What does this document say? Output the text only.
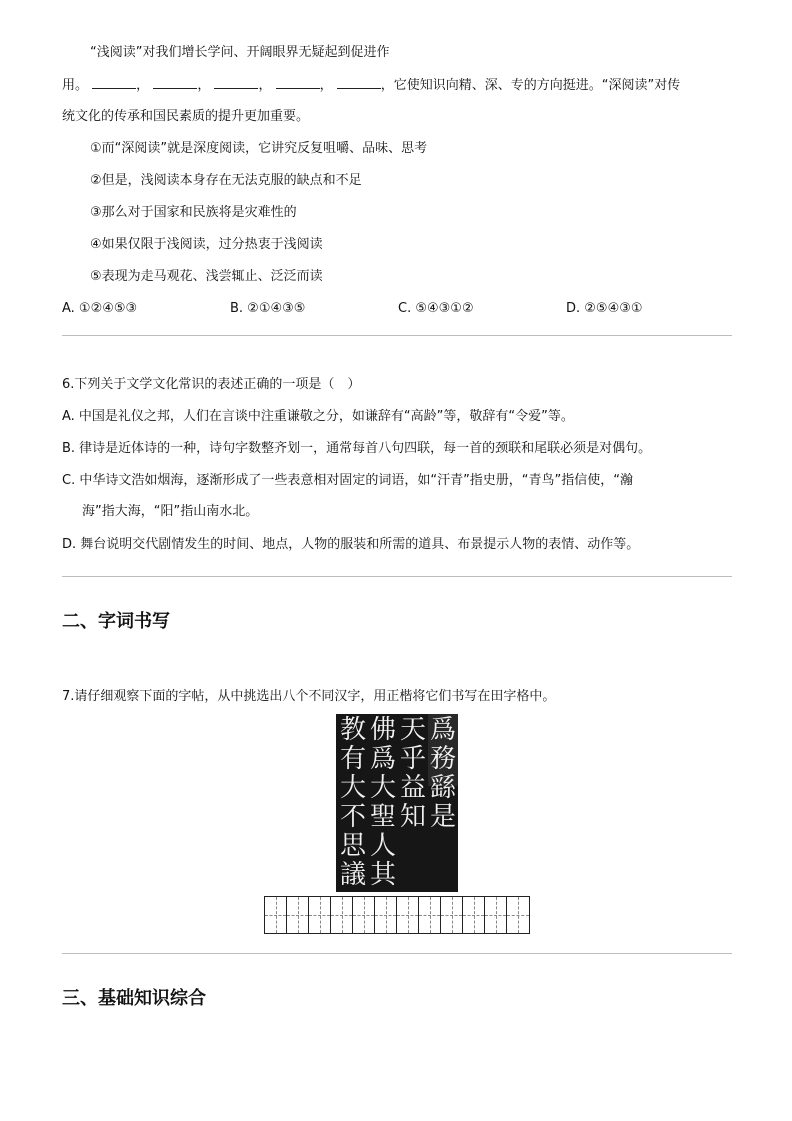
“浅阅读”对我们增长学问、开阔眼界无疑起到促进作
用。	，	，	，	，	，它使知识向精、深、专的方向挺进。“深阅读”对传
统文化的传承和国民素质的提升更加重要。
①而“深阅读”就是深度阅读，它讲究反复咀嚼、品味、思考
②但是，浅阅读本身存在无法克服的缺点和不足
③那么对于国家和民族将是灾难性的
④如果仅限于浅阅读，过分热衷于浅阅读
⑤表现为走马观花、浅尝辄止、泛泛而读
A. ①②④⑤③	B. ②①④③⑤	C. ⑤④③①②	D. ②⑤④③①
6.下列关于文学文化常识的表述正确的一项是（　）
A. 中国是礼仪之邦，人们在言谈中注重谦敬之分，如谦辞有“高龄”等，敬辞有“令爱”等。
B. 律诗是近体诗的一种，诗句字数整齐划一，通常每首八句四联，每一首的颈联和尾联必须是对偶句。
C. 中华诗文浩如烟海，逐渐形成了一些表意相对固定的词语，如“汗青”指史册，“青鸟”指信使，“瀚
海”指大海，“阳”指山南水北。
D. 舞台说明交代剧情发生的时间、地点，人物的服装和所需的道具、布景提示人物的表情、动作等。
二、字词书写
7.请仔细观察下面的字帖，从中挑选出八个不同汉字，用正楷将它们书写在田字格中。
教
有
大
不
思
議
佛
爲
大
聖
人
其
天
乎
益
知
爲
務
繇
是
三、基础知识综合
